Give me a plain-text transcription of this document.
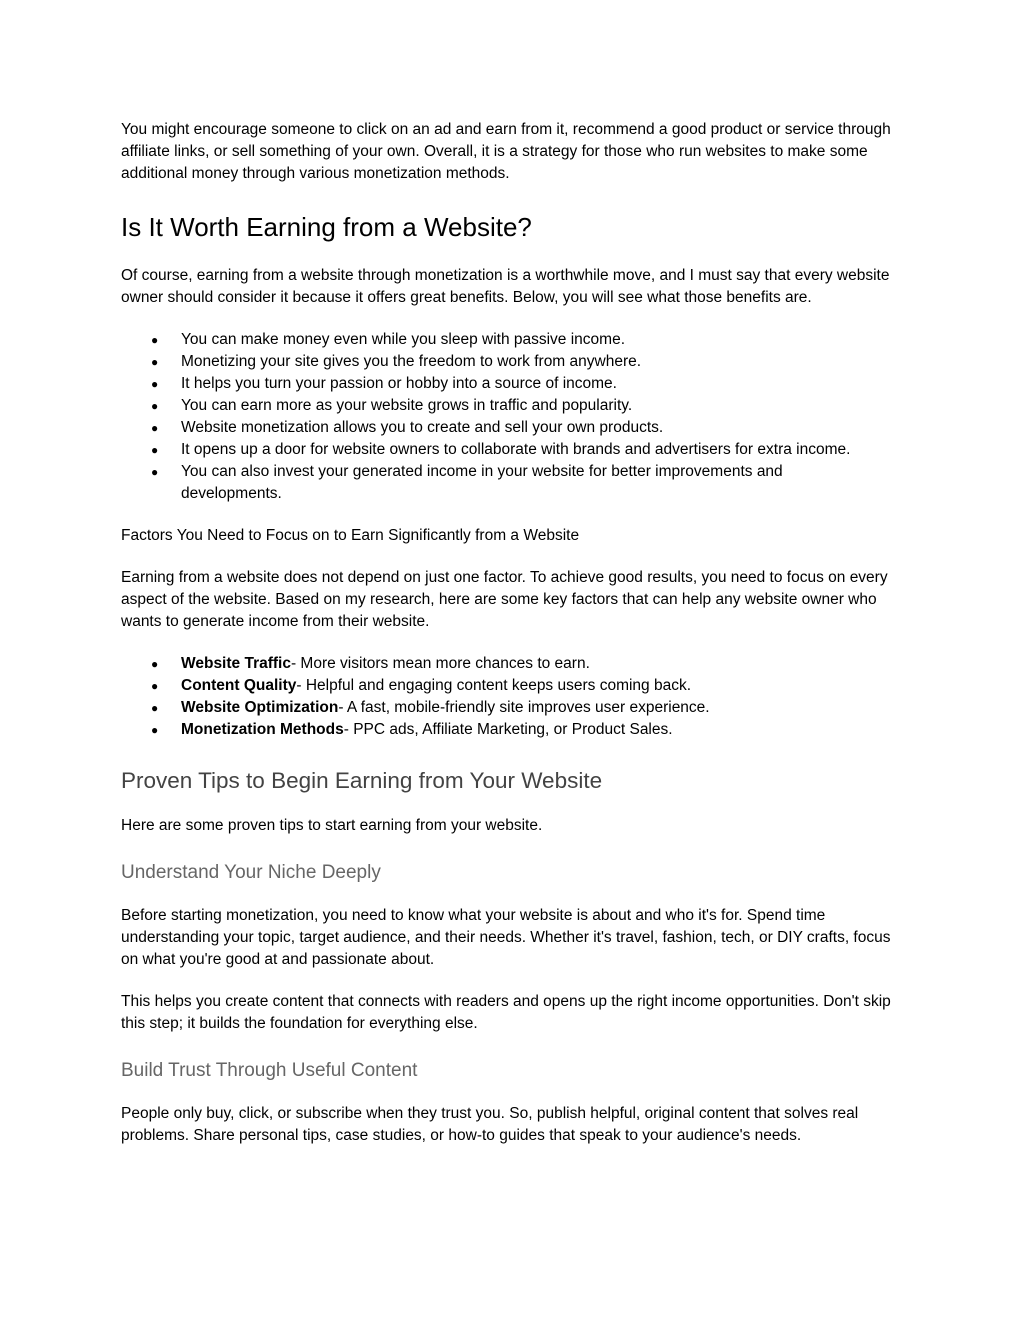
You might encourage someone to click on an ad and earn from it, recommend a good product or service through affiliate links, or sell something of your own. Overall, it is a strategy for those who run websites to make some additional money through various monetization methods.

Is It Worth Earning from a Website?

Of course, earning from a website through monetization is a worthwhile move, and I must say that every website owner should consider it because it offers great benefits. Below, you will see what those benefits are.

● You can make money even while you sleep with passive income.
● Monetizing your site gives you the freedom to work from anywhere.
● It helps you turn your passion or hobby into a source of income.
● You can earn more as your website grows in traffic and popularity.
● Website monetization allows you to create and sell your own products.
● It opens up a door for website owners to collaborate with brands and advertisers for extra income.
● You can also invest your generated income in your website for better improvements and developments.

Factors You Need to Focus on to Earn Significantly from a Website

Earning from a website does not depend on just one factor. To achieve good results, you need to focus on every aspect of the website. Based on my research, here are some key factors that can help any website owner who wants to generate income from their website.

● Website Traffic- More visitors mean more chances to earn.
● Content Quality- Helpful and engaging content keeps users coming back.
● Website Optimization- A fast, mobile-friendly site improves user experience.
● Monetization Methods- PPC ads, Affiliate Marketing, or Product Sales.
Proven Tips to Begin Earning from Your Website

Here are some proven tips to start earning from your website.

Understand Your Niche Deeply

Before starting monetization, you need to know what your website is about and who it's for. Spend time understanding your topic, target audience, and their needs. Whether it's travel, fashion, tech, or DIY crafts, focus on what you're good at and passionate about.

This helps you create content that connects with readers and opens up the right income opportunities. Don't skip this step; it builds the foundation for everything else.

Build Trust Through Useful Content

People only buy, click, or subscribe when they trust you. So, publish helpful, original content that solves real problems. Share personal tips, case studies, or how-to guides that speak to your audience's needs.
